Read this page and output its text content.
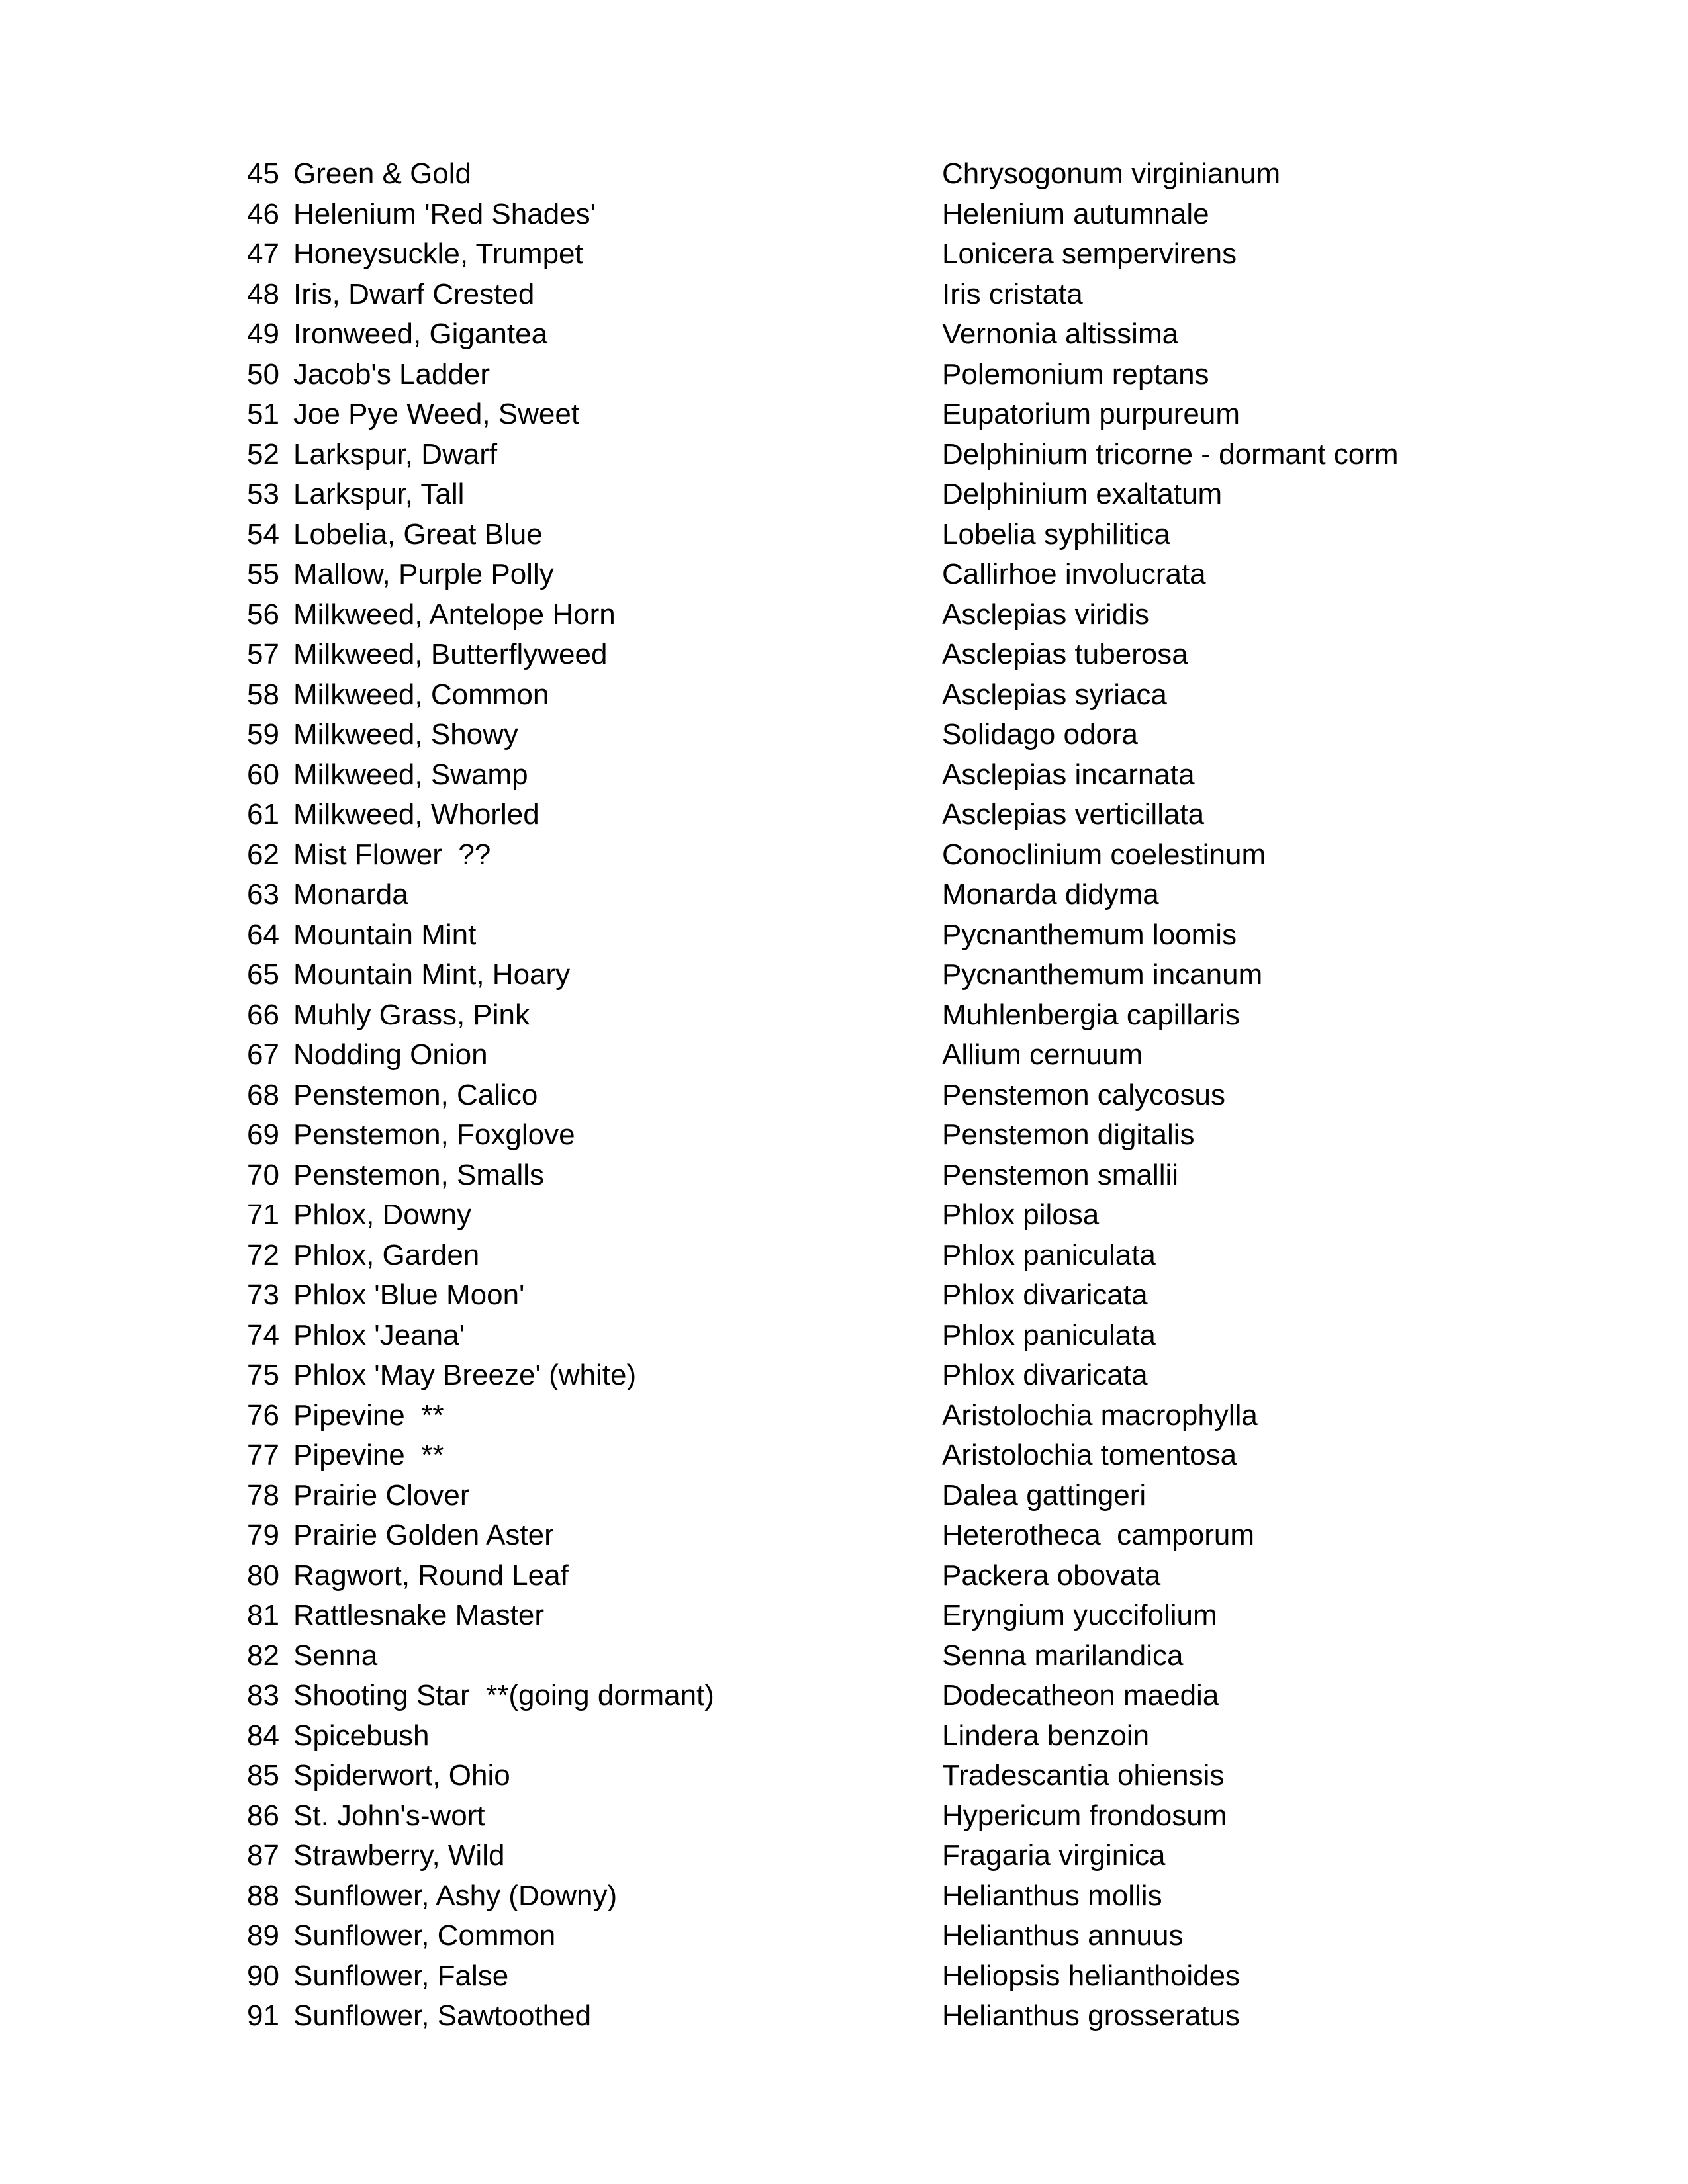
45 Green & Gold	Chrysogonum virginianum
46 Helenium 'Red Shades'	Helenium autumnale
47 Honeysuckle, Trumpet	Lonicera sempervirens
48 Iris, Dwarf Crested	Iris cristata
49 Ironweed, Gigantea	Vernonia altissima
50 Jacob's Ladder	Polemonium reptans
51 Joe Pye Weed, Sweet	Eupatorium purpureum
52 Larkspur, Dwarf	Delphinium tricorne - dormant corm
53 Larkspur, Tall	Delphinium exaltatum
54 Lobelia, Great Blue	Lobelia syphilitica
55 Mallow, Purple Polly	Callirhoe involucrata
56 Milkweed, Antelope Horn	Asclepias viridis
57 Milkweed, Butterflyweed	Asclepias tuberosa
58 Milkweed, Common	Asclepias syriaca
59 Milkweed, Showy	Solidago odora
60 Milkweed, Swamp	Asclepias incarnata
61 Milkweed, Whorled	Asclepias verticillata
62 Mist Flower  ??	Conoclinium coelestinum
63 Monarda	Monarda didyma
64 Mountain Mint	Pycnanthemum loomis
65 Mountain Mint, Hoary	Pycnanthemum incanum
66 Muhly Grass, Pink	Muhlenbergia capillaris
67 Nodding Onion	Allium cernuum
68 Penstemon, Calico	Penstemon calycosus
69 Penstemon, Foxglove	Penstemon digitalis
70 Penstemon, Smalls	Penstemon smallii
71 Phlox, Downy	Phlox pilosa
72 Phlox, Garden	Phlox paniculata
73 Phlox 'Blue Moon'	Phlox divaricata
74 Phlox 'Jeana'	Phlox paniculata
75 Phlox 'May Breeze' (white)	Phlox divaricata
76 Pipevine  **	Aristolochia macrophylla
77 Pipevine  **	Aristolochia tomentosa
78 Prairie Clover	Dalea gattingeri
79 Prairie Golden Aster	Heterotheca  camporum
80 Ragwort, Round Leaf	Packera obovata
81 Rattlesnake Master	Eryngium yuccifolium
82 Senna	Senna marilandica
83 Shooting Star  **(going dormant)	Dodecatheon maedia
84 Spicebush	Lindera benzoin
85 Spiderwort, Ohio	Tradescantia ohiensis
86 St. John's-wort	Hypericum frondosum
87 Strawberry, Wild	Fragaria virginica
88 Sunflower, Ashy (Downy)	Helianthus mollis
89 Sunflower, Common	Helianthus annuus
90 Sunflower, False	Heliopsis helianthoides
91 Sunflower, Sawtoothed	Helianthus grosseratus
